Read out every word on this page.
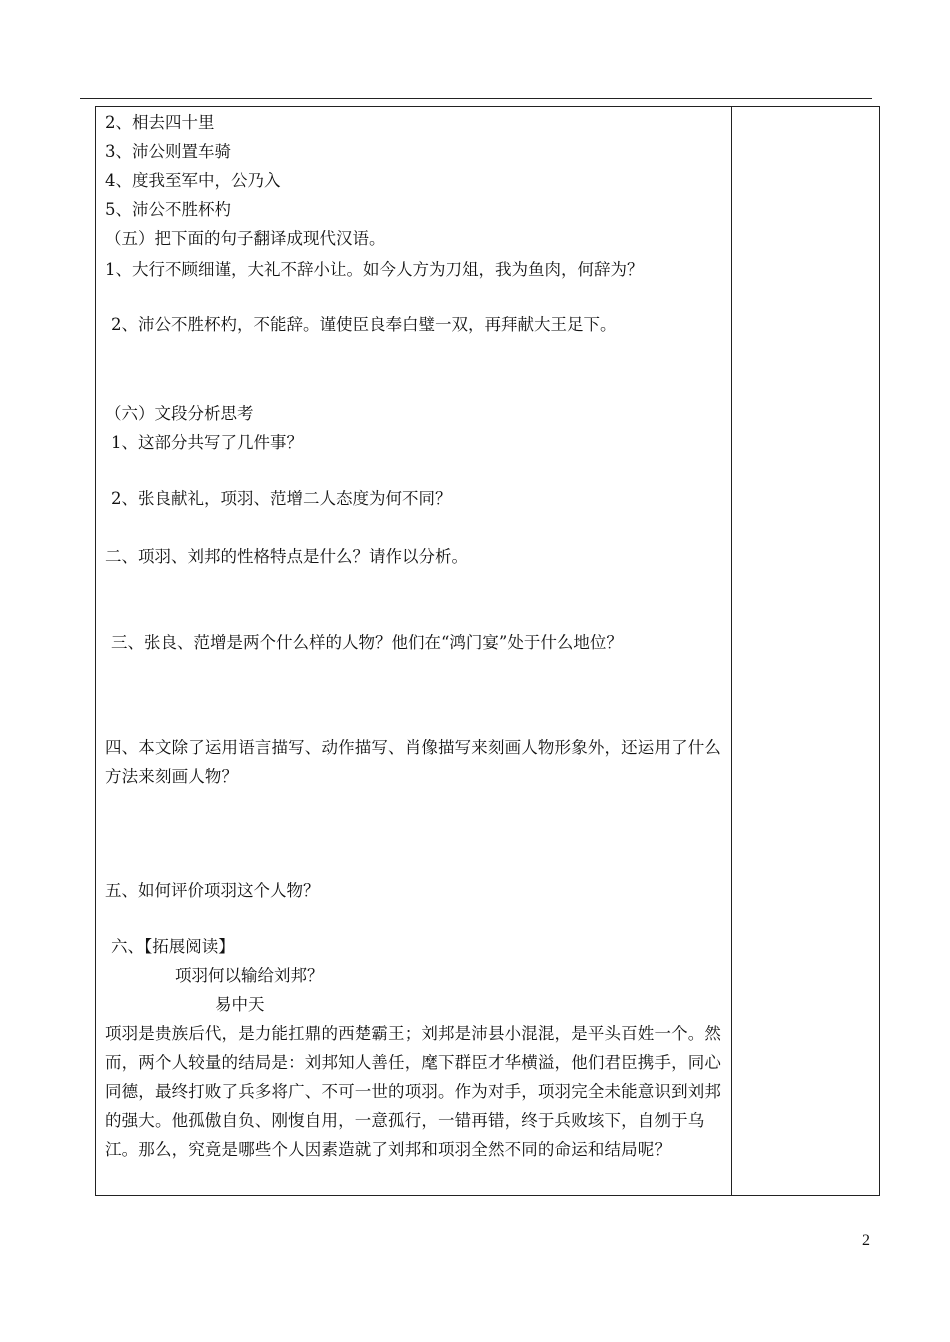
2、相去四十里
3、沛公则置车骑
4、度我至军中，公乃入
5、沛公不胜杯杓
（五）把下面的句子翻译成现代汉语。
1、大行不顾细谨，大礼不辞小让。如今人方为刀俎，我为鱼肉，何辞为？
2、沛公不胜杯杓，不能辞。谨使臣良奉白璧一双，再拜献大王足下。
（六）文段分析思考
1、这部分共写了几件事？
2、张良献礼，项羽、范增二人态度为何不同？
二、项羽、刘邦的性格特点是什么？请作以分析。
三、张良、范增是两个什么样的人物？他们在“鸿门宴”处于什么地位？
四、本文除了运用语言描写、动作描写、肖像描写来刻画人物形象外，还运用了什么方法来刻画人物？
五、如何评价项羽这个人物？
六、【拓展阅读】
项羽何以输给刘邦？
易中天
项羽是贵族后代，是力能扛鼎的西楚霸王；刘邦是沛县小混混，是平头百姓一个。然而，两个人较量的结局是：刘邦知人善任，麾下群臣才华横溢，他们君臣携手，同心同德，最终打败了兵多将广、不可一世的项羽。作为对手，项羽完全未能意识到刘邦的强大。他孤傲自负、刚愎自用，一意孤行，一错再错，终于兵败垓下，自刎于乌江。那么，究竟是哪些个人因素造就了刘邦和项羽全然不同的命运和结局呢？
2
